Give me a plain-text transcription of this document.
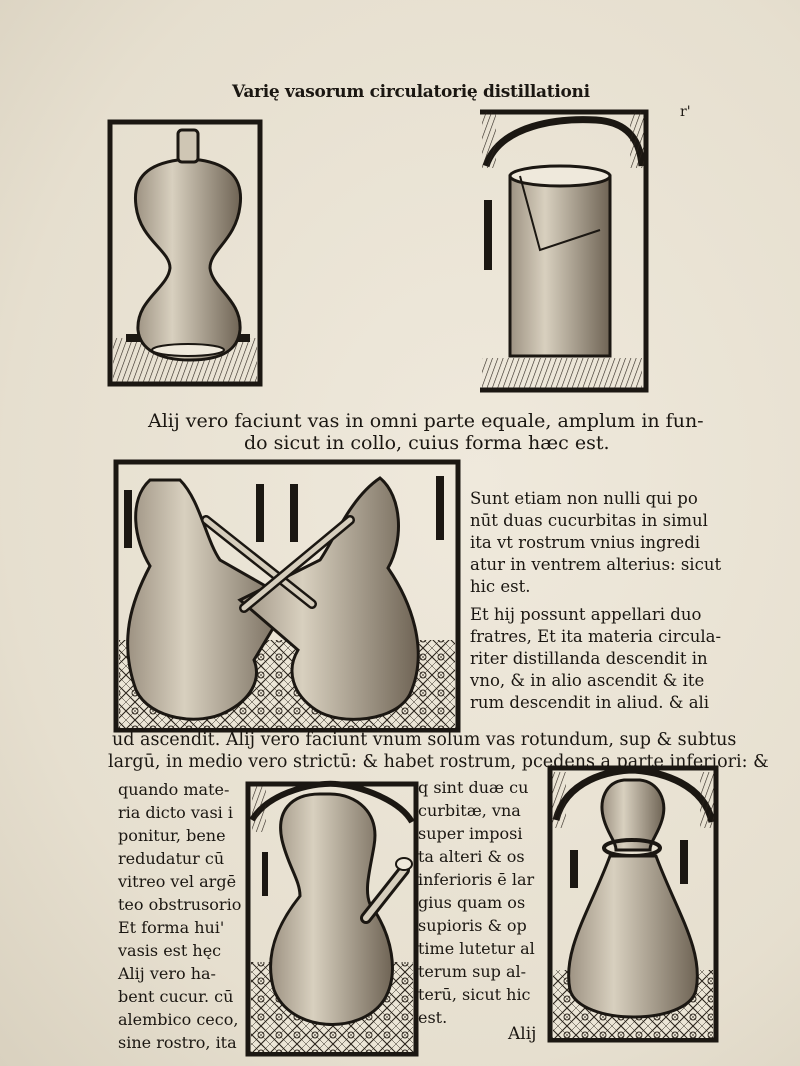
Varię vasorum circulatorię distillationi
r'
Alij vero faciunt vas in omni parte equale, amplum in fun-
do sicut in collo, cuius forma hæc est.
Sunt etiam non nulli qui po
nūt duas cucurbitas in simul
ita vt rostrum vnius ingredi
atur in ventrem alterius: sicut
hic est.
Et hij possunt appellari duo
fratres, Et ita materia circula-
riter distillanda descendit in
vno, & in alio ascendit & ite
rum descendit in aliud. & ali
ud ascendit. Alij vero faciunt vnum solum vas rotundum, sup & subtus
largū, in medio vero strictū: & habet rostrum, pcedens a parte inferiori: &
quando mate-
ria dicto vasi i
ponitur, bene
redudatur cū
vitreo vel argē
teo obstrusorio
Et forma hui'
vasis est hęc
Alij vero ha-
bent cucur. cū
alembico ceco,
sine rostro, ita
q sint duæ cu
curbitæ, vna
super imposi
ta alteri & os
inferioris ē lar
gius quam os
supioris & op
time lutetur al
terum sup al-
terū, sicut hic
est.
Alij
